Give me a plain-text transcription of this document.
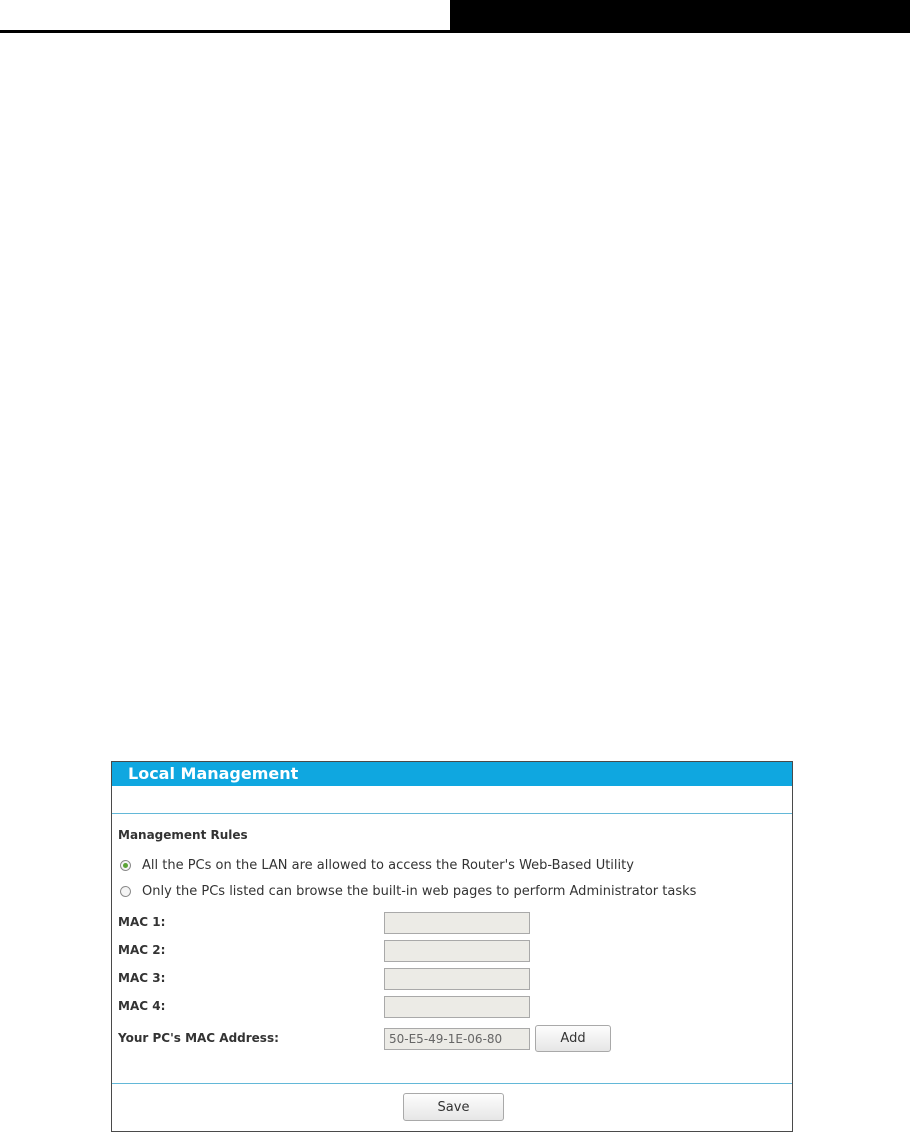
Local Management
Management Rules
All the PCs on the LAN are allowed to access the Router's Web-Based Utility
Only the PCs listed can browse the built-in web pages to perform Administrator tasks
MAC 1:
MAC 2:
MAC 3:
MAC 4:
Your PC's MAC Address:	50-E5-49-1E-06-80	Add
Save
